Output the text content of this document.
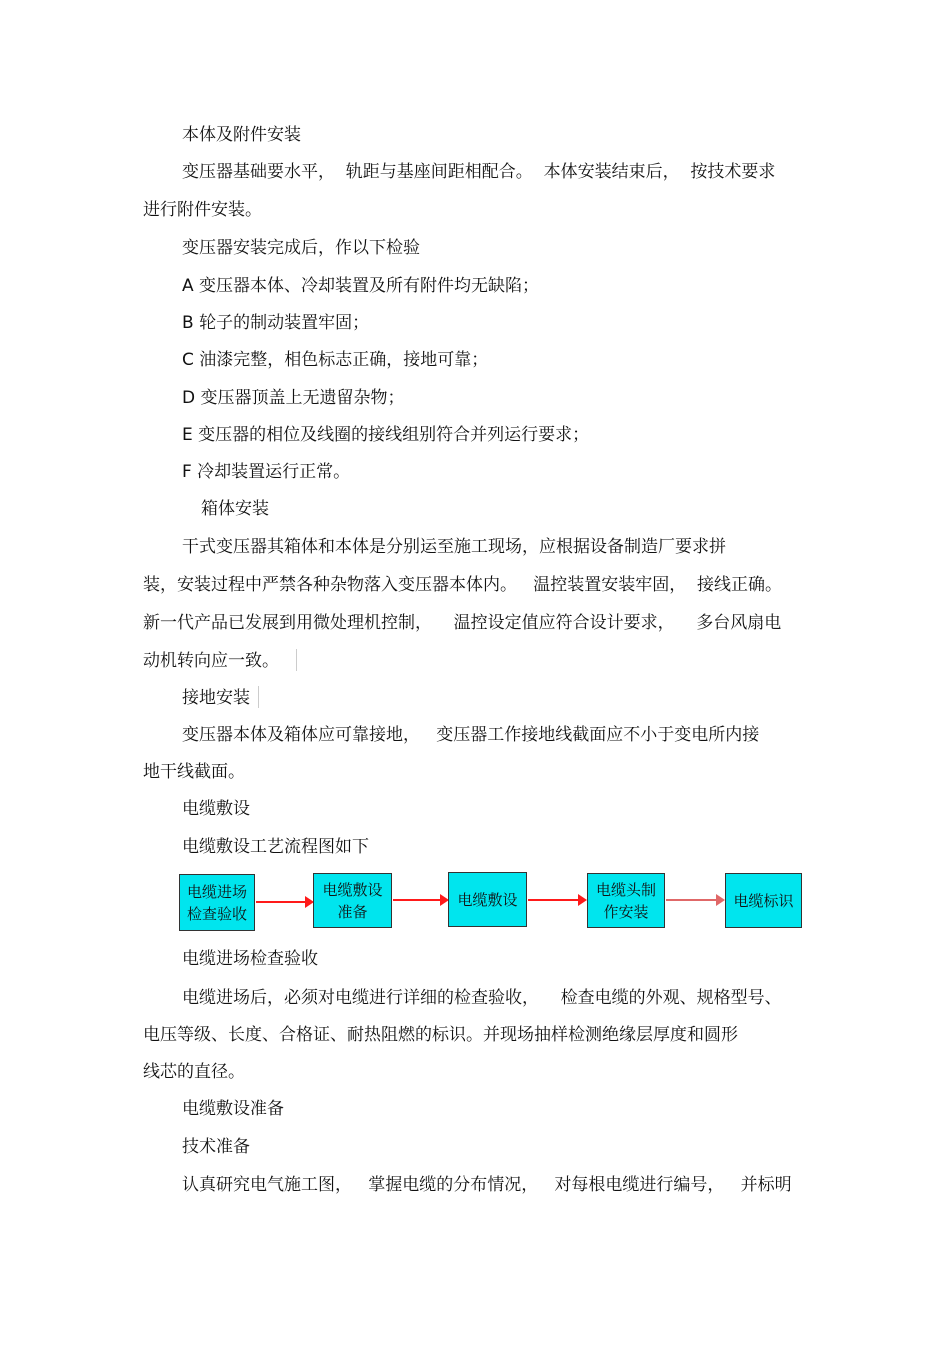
本体及附件安装
变压器基础要水平，  轨距与基座间距相配合。  本体安装结束后，  按技术要求
进行附件安装。
变压器安装完成后，作以下检验
A 变压器本体、冷却装置及所有附件均无缺陷；
B 轮子的制动装置牢固；
C 油漆完整，相色标志正确，接地可靠；
D 变压器顶盖上无遗留杂物；
E 变压器的相位及线圈的接线组别符合并列运行要求；
F 冷却装置运行正常。
箱体安装
干式变压器其箱体和本体是分别运至施工现场，应根据设备制造厂要求拼
装，安装过程中严禁各种杂物落入变压器本体内。   温控装置安装牢固，  接线正确。
新一代产品已发展到用微处理机控制，    温控设定值应符合设计要求，    多台风扇电
动机转向应一致。
接地安装
变压器本体及箱体应可靠接地，   变压器工作接地线截面应不小于变电所内接
地干线截面。
电缆敷设
电缆敷设工艺流程图如下
电缆进场
检查验收
电缆敷设
准备
电缆敷设
电缆头制
作安装
电缆标识
电缆进场检查验收
电缆进场后，必须对电缆进行详细的检查验收，    检查电缆的外观、规格型号、
电压等级、长度、合格证、耐热阻燃的标识。并现场抽样检测绝缘层厚度和圆形
线芯的直径。
电缆敷设准备
技术准备
认真研究电气施工图，   掌握电缆的分布情况，   对每根电缆进行编号，   并标明
